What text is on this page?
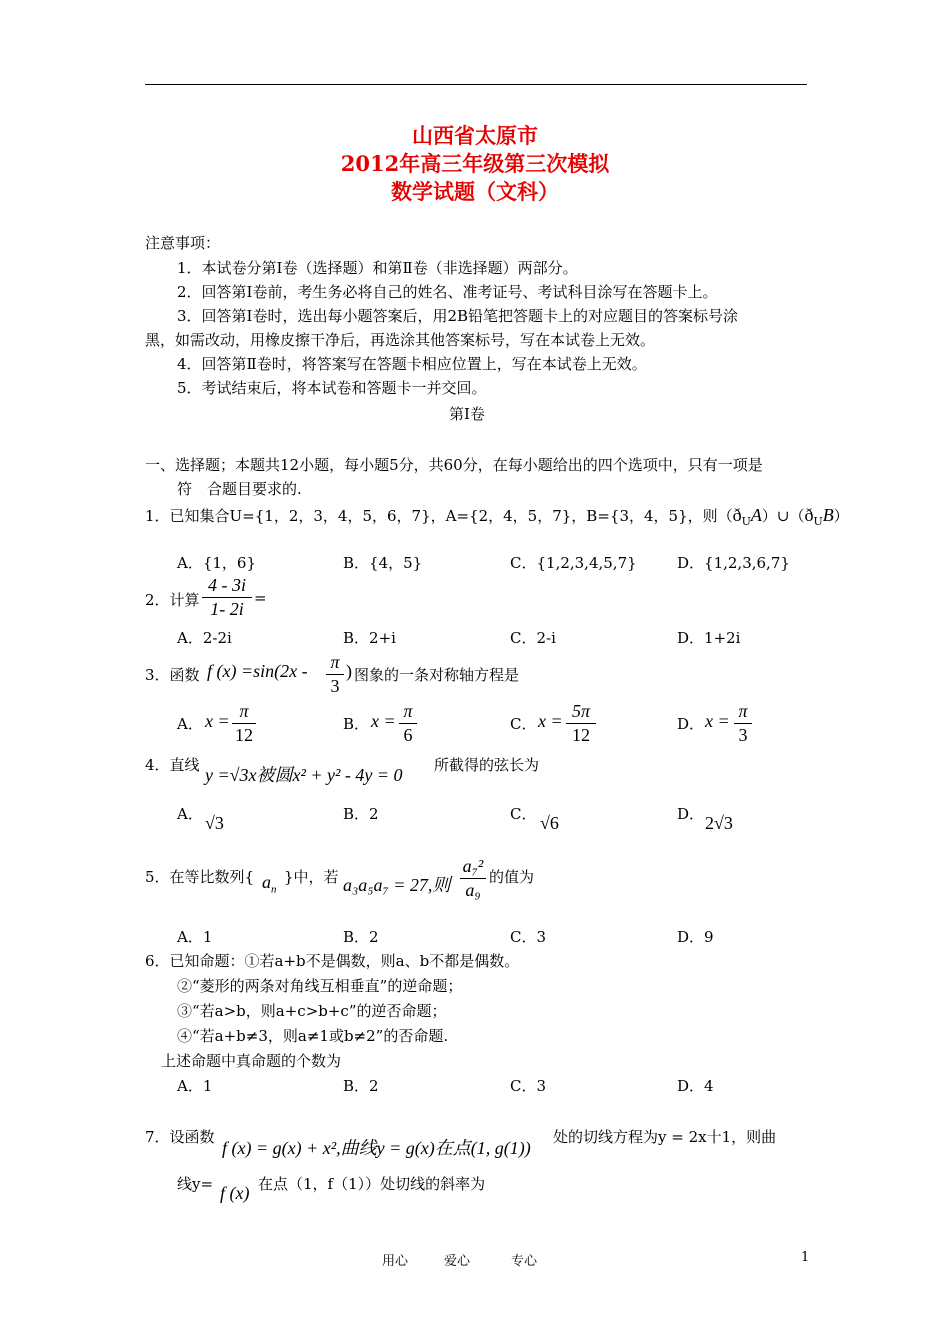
山西省太原市
2012年高三年级第三次模拟
数学试题（文科）
注意事项：
1．本试卷分第Ⅰ卷（选择题）和第Ⅱ卷（非选择题）两部分。
2．回答第Ⅰ卷前，考生务必将自己的姓名、准考证号、考试科目涂写在答题卡上。
3．回答第Ⅰ卷时，选出每小题答案后，用2B铅笔把答题卡上的对应题目的答案标号涂
黑，如需改动，用橡皮擦干净后，再选涂其他答案标号，写在本试卷上无效。
4．回答第Ⅱ卷时，将答案写在答题卡相应位置上，写在本试卷上无效。
5．考试结束后，将本试卷和答题卡一并交回。
第Ⅰ卷
一、选择题；本题共12小题，每小题5分，共60分，在每小题给出的四个选项中，只有一项是
符　合题目要求的.
1．已知集合U={1，2，3，4，5，6，7}，A={2，4，5，7}，B={3，4，5}，则$(ð_UA)\cup(ð_UB)$
A．{1，6}	B．{4，5}	C．{1,2,3,4,5,7}	D．{1,2,3,6,7}
2．计算
4 - 3i
1- 2i
=
A．2-2i	B．2+i	C．2-i	D．1+2i
3．函数 f (x) =sin(2x - π
3
) 图象的一条对称轴方程是
A． x = π
12
B． x = π
6
C． x = 5π
12
D． x = π
3
4．直线 y =√3x被圆x² + y² - 4y = 0 所截得的弦长为
A． √3	B．2	C． √6	D． 2√3
5．在等比数列{ $a_n$
}中，若 a₃a₅a₇ = 27,则
a₇²
a₉
的值为
A．1	B．2	C．3	D．9
6．已知命题：①若a+b不是偶数，则a、b不都是偶数。
②“菱形的两条对角线互相垂直”的逆命题；
③“若a>b，则a+c>b+c”的逆否命题；
④“若a+b≠3，则a≠1或b≠2”的否命题.
上述命题中真命题的个数为
A．1	B．2	C．3	D．4
7．设函数
f (x) = g(x) + x²,曲线y = g(x)在点(1, g(1))
处的切线方程为y = 2x十1，则曲
线y= f (x) 在点（1，f（1））处切线的斜率为
用心	爱心	专心	1
